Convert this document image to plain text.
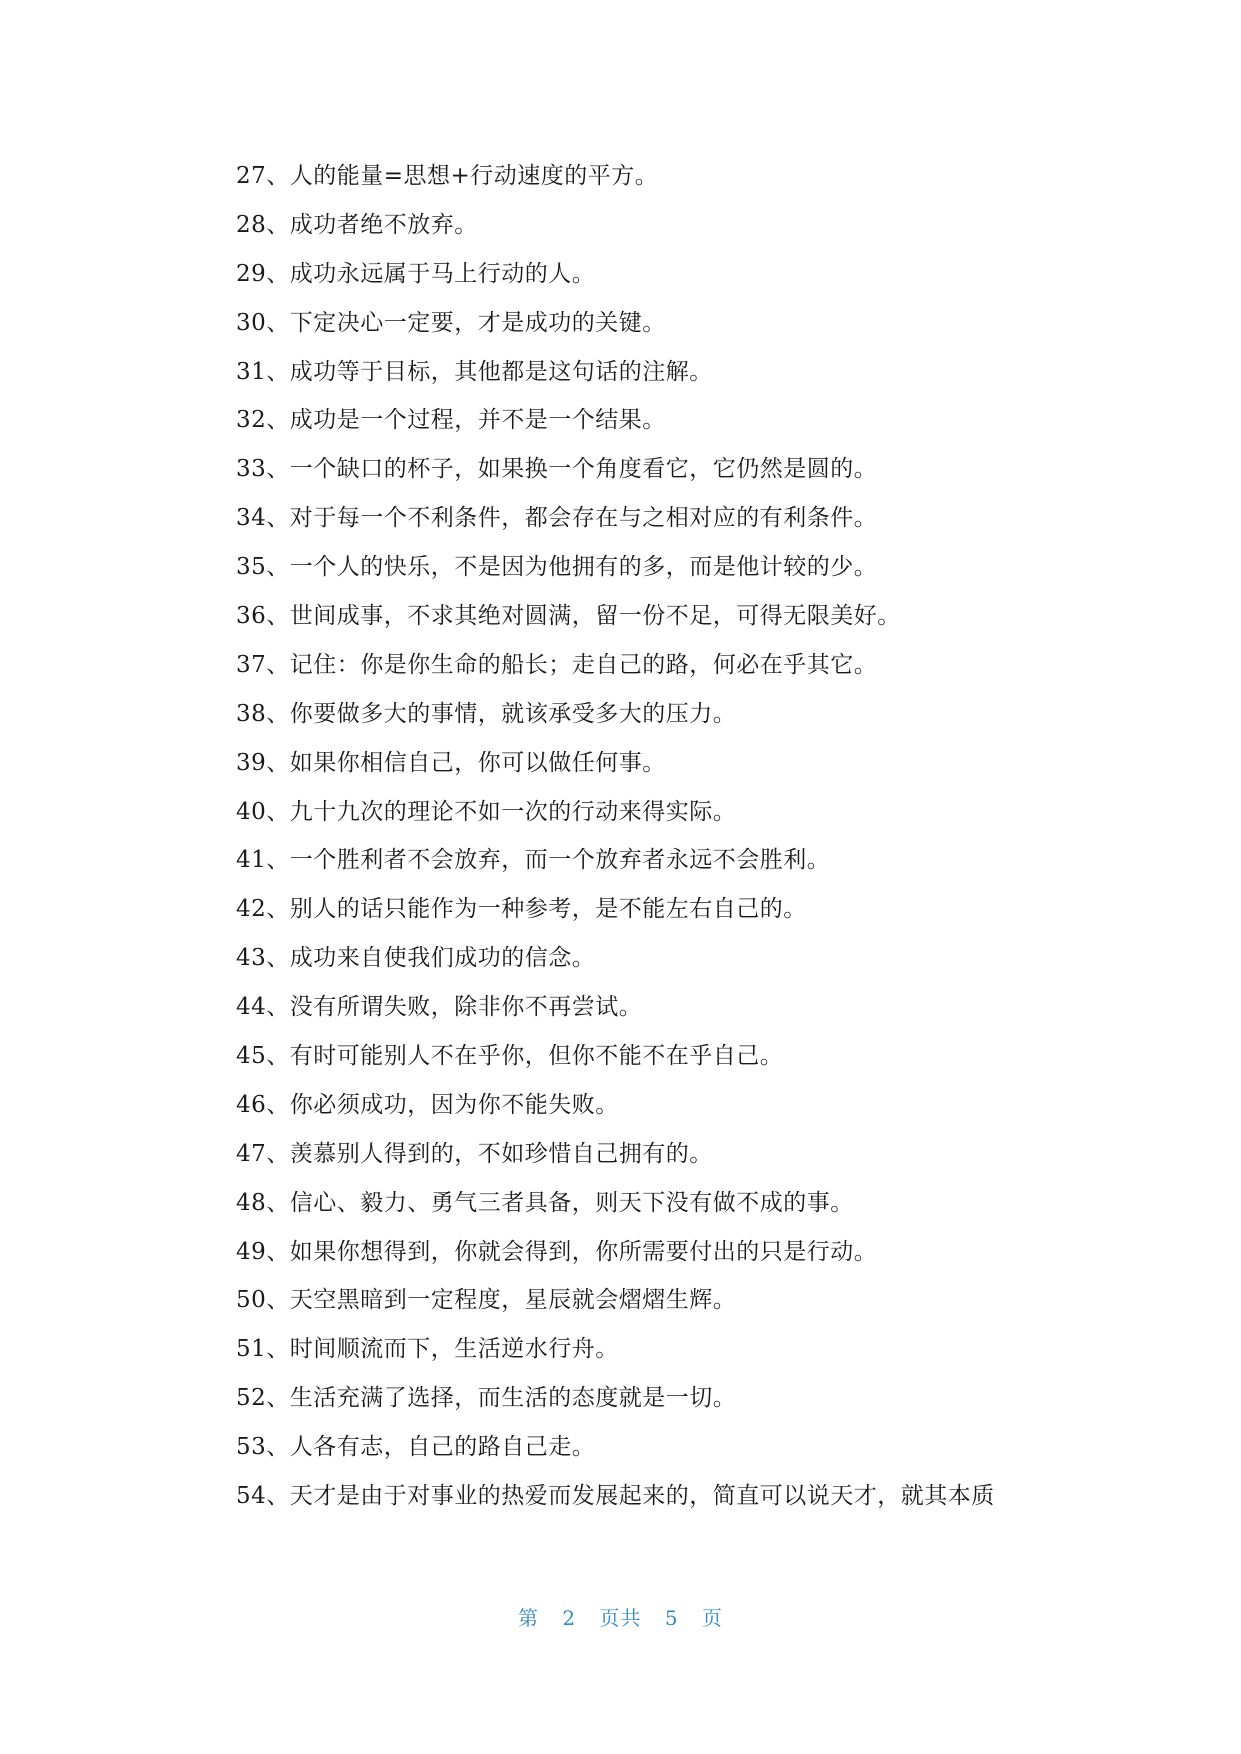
27、人的能量=思想+行动速度的平方。
28、成功者绝不放弃。
29、成功永远属于马上行动的人。
30、下定决心一定要，才是成功的关键。
31、成功等于目标，其他都是这句话的注解。
32、成功是一个过程，并不是一个结果。
33、一个缺口的杯子，如果换一个角度看它，它仍然是圆的。
34、对于每一个不利条件，都会存在与之相对应的有利条件。
35、一个人的快乐，不是因为他拥有的多，而是他计较的少。
36、世间成事，不求其绝对圆满，留一份不足，可得无限美好。
37、记住：你是你生命的船长；走自己的路，何必在乎其它。
38、你要做多大的事情，就该承受多大的压力。
39、如果你相信自己，你可以做任何事。
40、九十九次的理论不如一次的行动来得实际。
41、一个胜利者不会放弃，而一个放弃者永远不会胜利。
42、别人的话只能作为一种参考，是不能左右自己的。
43、成功来自使我们成功的信念。
44、没有所谓失败，除非你不再尝试。
45、有时可能别人不在乎你，但你不能不在乎自己。
46、你必须成功，因为你不能失败。
47、羡慕别人得到的，不如珍惜自己拥有的。
48、信心、毅力、勇气三者具备，则天下没有做不成的事。
49、如果你想得到，你就会得到，你所需要付出的只是行动。
50、天空黑暗到一定程度，星辰就会熠熠生辉。
51、时间顺流而下，生活逆水行舟。
52、生活充满了选择，而生活的态度就是一切。
53、人各有志，自己的路自己走。
54、天才是由于对事业的热爱而发展起来的，简直可以说天才，就其本质
第 2 页共 5 页
